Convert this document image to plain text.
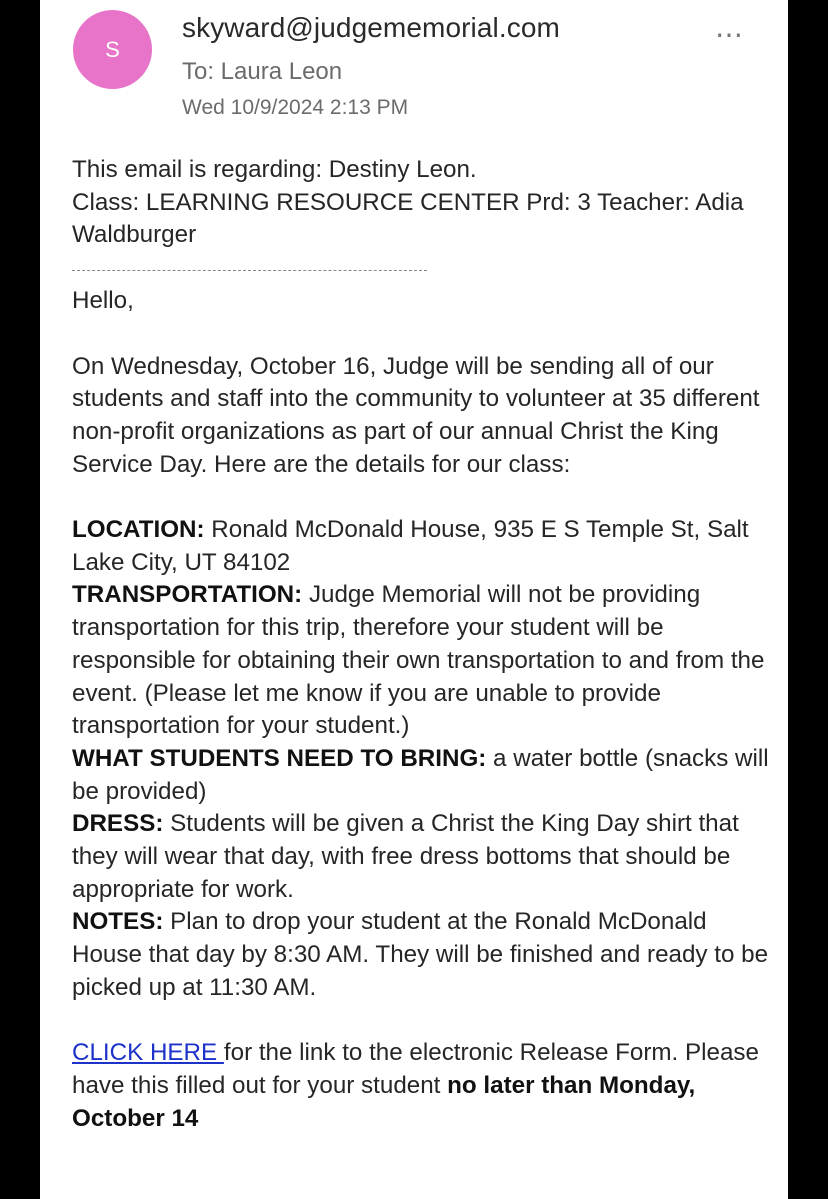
S
skyward@judgememorial.com
To: Laura Leon
Wed 10/9/2024 2:13 PM
⋯

This email is regarding: Destiny Leon.

Class: LEARNING RESOURCE CENTER Prd: 3 Teacher: Adia Waldburger

Hello,

On Wednesday, October 16, Judge will be sending all of our students and staff into the community to volunteer at 35 different non-profit organizations as part of our annual Christ the King Service Day. Here are the details for our class:

LOCATION: Ronald McDonald House, 935 E S Temple St, Salt Lake City, UT 84102

TRANSPORTATION: Judge Memorial will not be providing transportation for this trip, therefore your student will be responsible for obtaining their own transportation to and from the event. (Please let me know if you are unable to provide transportation for your student.)

WHAT STUDENTS NEED TO BRING: a water bottle (snacks will be provided)

DRESS: Students will be given a Christ the King Day shirt that they will wear that day, with free dress bottoms that should be appropriate for work.

NOTES: Plan to drop your student at the Ronald McDonald House that day by 8:30 AM. They will be finished and ready to be picked up at 11:30 AM.

CLICK HERE for the link to the electronic Release Form. Please have this filled out for your student no later than Monday, October 14
